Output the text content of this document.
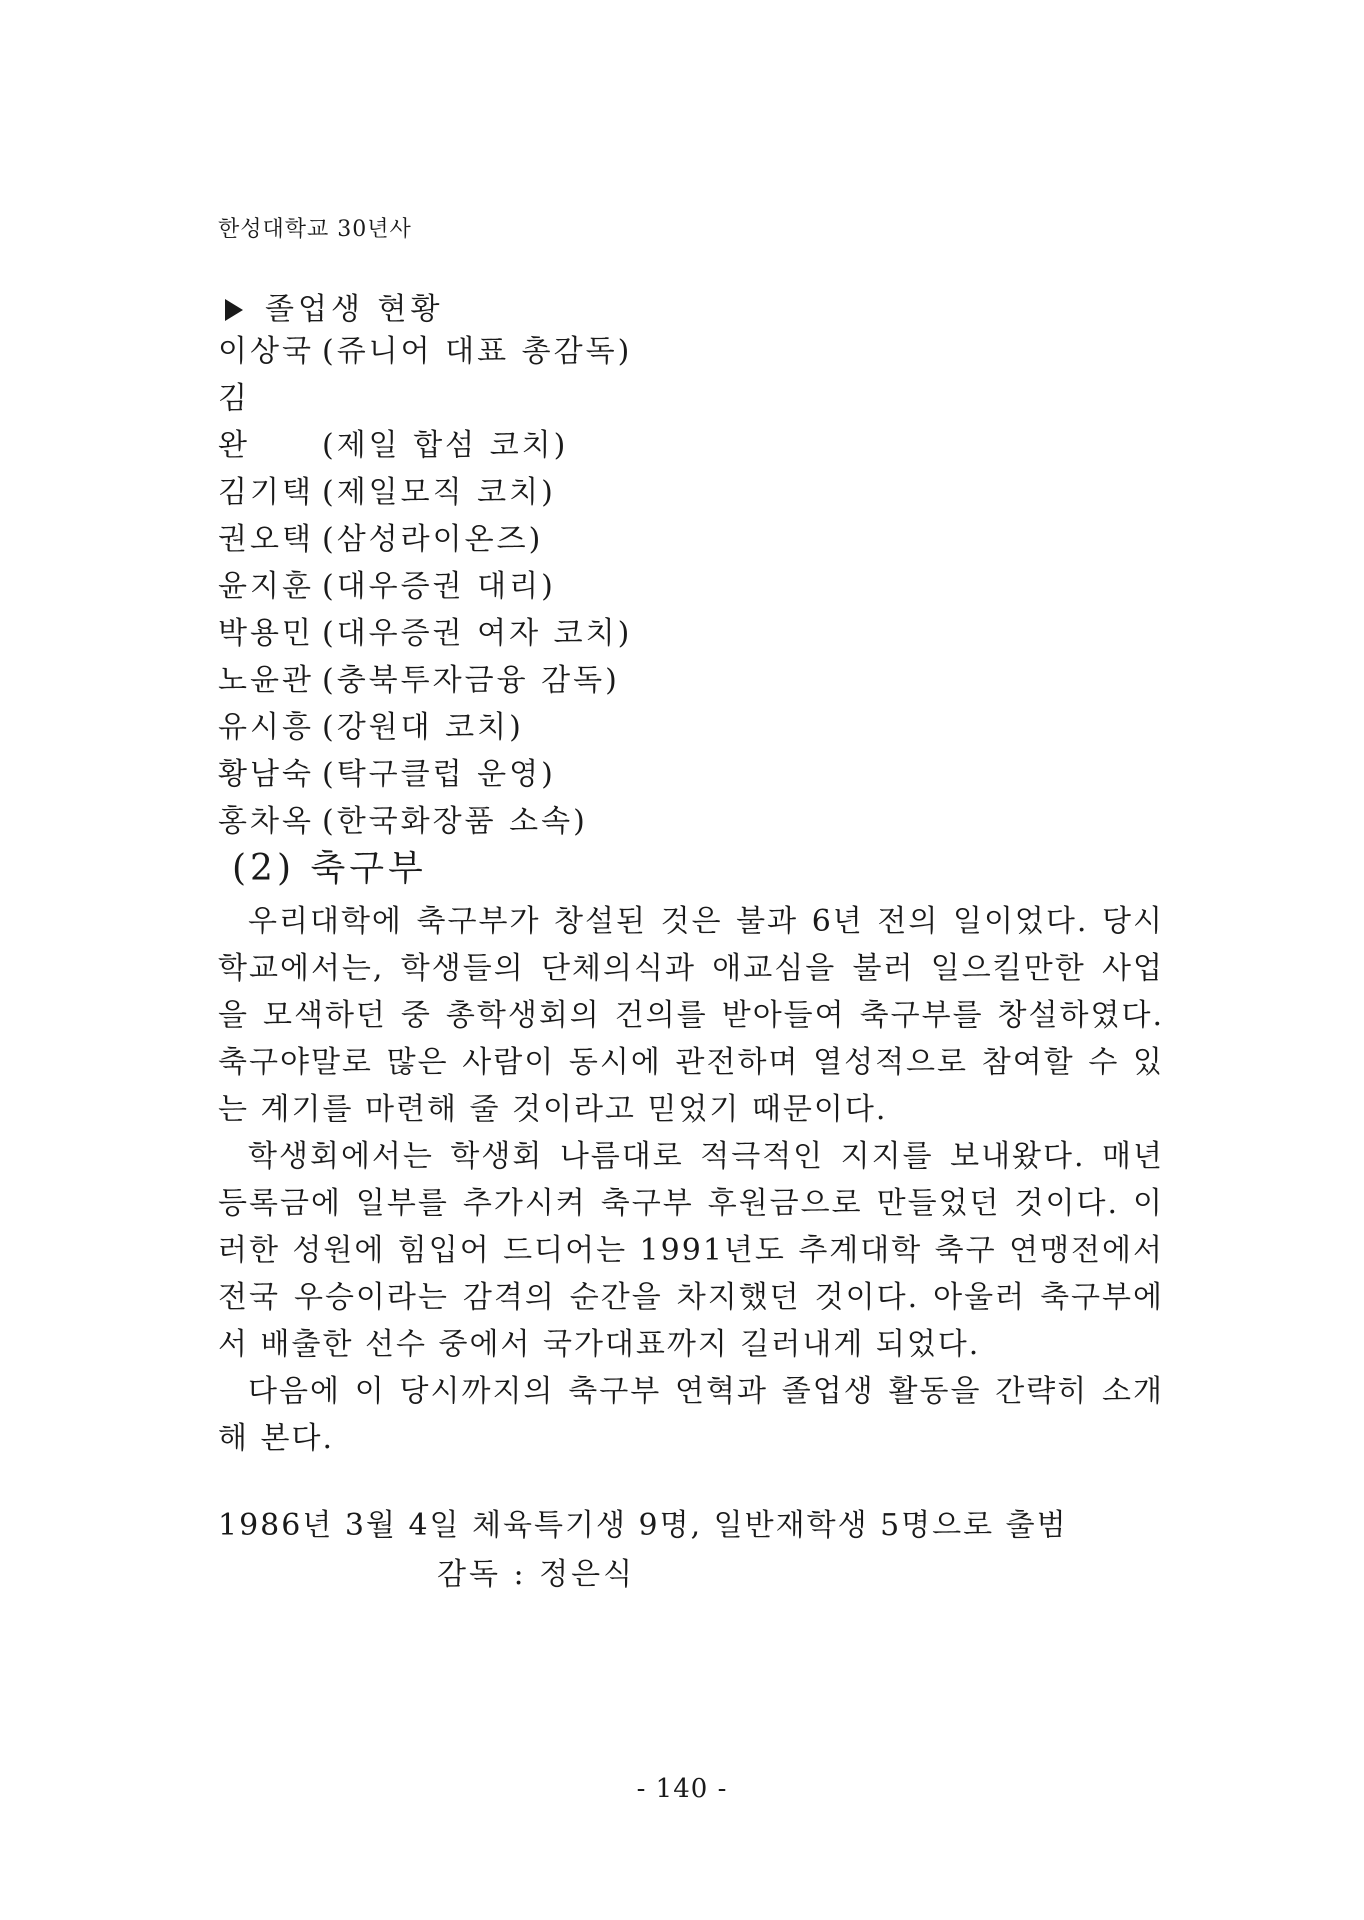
한성대학교 30년사
졸업생 현황
이상국 (쥬니어 대표 총감독)
김 완 (제일 합섬 코치)
김기택 (제일모직 코치)
권오택 (삼성라이온즈)
윤지훈 (대우증권 대리)
박용민 (대우증권 여자 코치)
노윤관 (충북투자금융 감독)
유시흥 (강원대 코치)
황남숙 (탁구클럽 운영)
홍차옥 (한국화장품 소속)
(2) 축구부

우리대학에 축구부가 창설된 것은 불과 6년 전의 일이었다. 당시 학교에서는, 학생들의 단체의식과 애교심을 불러 일으킬만한 사업을 모색하던 중 총학생회의 건의를 받아들여 축구부를 창설하였다. 축구야말로 많은 사람이 동시에 관전하며 열성적으로 참여할 수 있는 계기를 마련해 줄 것이라고 믿었기 때문이다.

학생회에서는 학생회 나름대로 적극적인 지지를 보내왔다. 매년 등록금에 일부를 추가시켜 축구부 후원금으로 만들었던 것이다. 이러한 성원에 힘입어 드디어는 1991년도 추계대학 축구 연맹전에서 전국 우승이라는 감격의 순간을 차지했던 것이다. 아울러 축구부에서 배출한 선수 중에서 국가대표까지 길러내게 되었다.

다음에 이 당시까지의 축구부 연혁과 졸업생 활동을 간략히 소개해 본다.

1986년 3월 4일 체육특기생 9명, 일반재학생 5명으로 출범
감독 : 정은식
- 140 -
